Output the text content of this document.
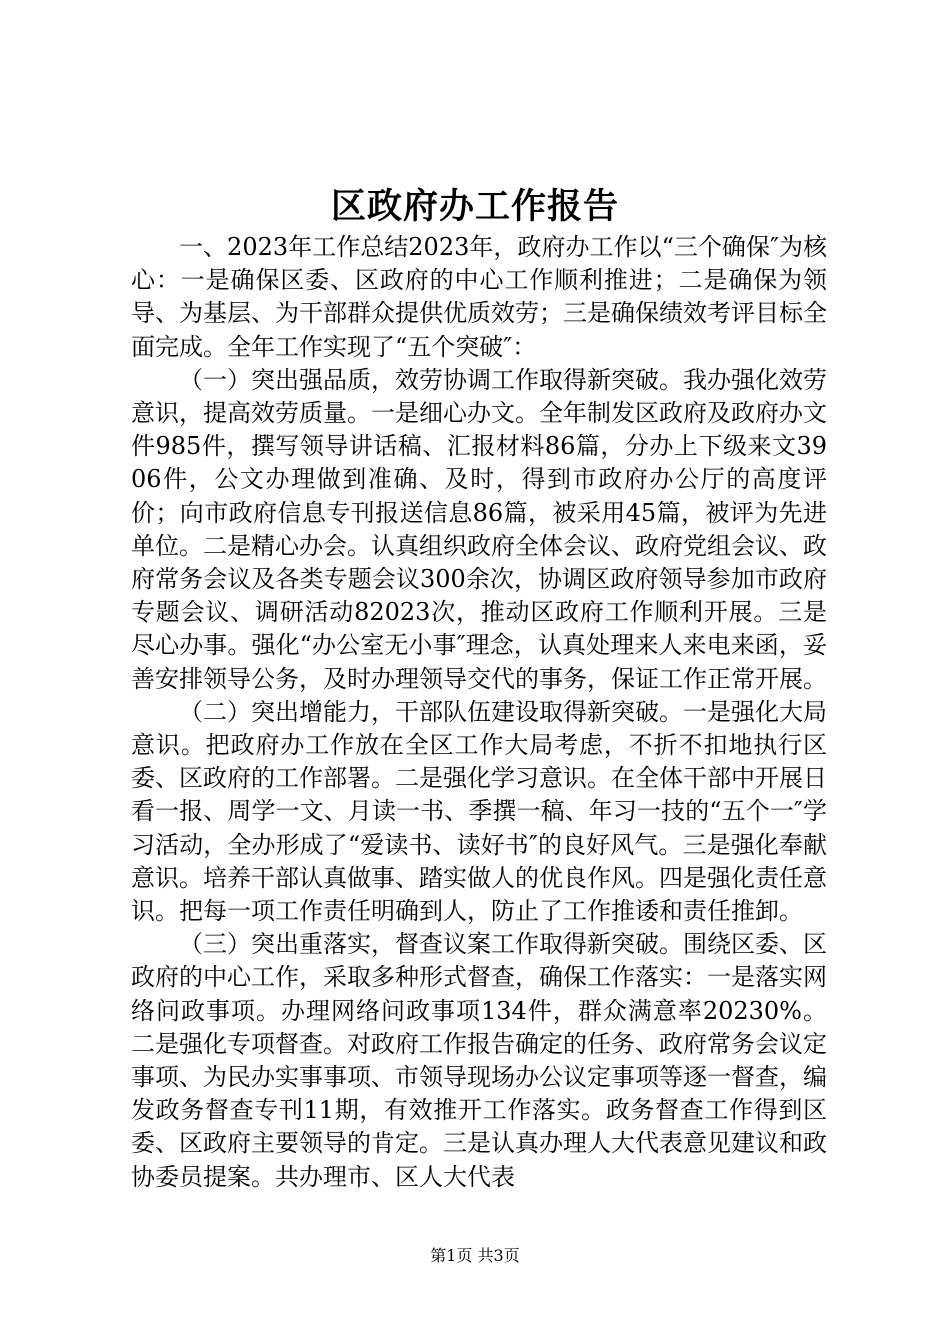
区政府办工作报告

一、2023年工作总结2023年，政府办工作以“三个确保″为核心：一是确保区委、区政府的中心工作顺利推进；二是确保为领导、为基层、为干部群众提供优质效劳；三是确保绩效考评目标全面完成。全年工作实现了“五个突破″：

（一）突出强品质，效劳协调工作取得新突破。我办强化效劳意识，提高效劳质量。一是细心办文。全年制发区政府及政府办文件985件，撰写领导讲话稿、汇报材料86篇，分办上下级来文3906件，公文办理做到准确、及时，得到市政府办公厅的高度评价；向市政府信息专刊报送信息86篇，被采用45篇，被评为先进单位。二是精心办会。认真组织政府全体会议、政府党组会议、政府常务会议及各类专题会议300余次，协调区政府领导参加市政府专题会议、调研活动82023次，推动区政府工作顺利开展。三是尽心办事。强化“办公室无小事″理念，认真处理来人来电来函，妥善安排领导公务，及时办理领导交代的事务，保证工作正常开展。

（二）突出增能力，干部队伍建设取得新突破。一是强化大局意识。把政府办工作放在全区工作大局考虑，不折不扣地执行区委、区政府的工作部署。二是强化学习意识。在全体干部中开展日看一报、周学一文、月读一书、季撰一稿、年习一技的“五个一″学习活动，全办形成了“爱读书、读好书″的良好风气。三是强化奉献意识。培养干部认真做事、踏实做人的优良作风。四是强化责任意识。把每一项工作责任明确到人，防止了工作推诿和责任推卸。

（三）突出重落实，督查议案工作取得新突破。围绕区委、区政府的中心工作，采取多种形式督查，确保工作落实：一是落实网络问政事项。办理网络问政事项134件，群众满意率20230%。二是强化专项督查。对政府工作报告确定的任务、政府常务会议定事项、为民办实事事项、市领导现场办公议定事项等逐一督查，编发政务督查专刊11期，有效推开工作落实。政务督查工作得到区委、区政府主要领导的肯定。三是认真办理人大代表意见建议和政协委员提案。共办理市、区人大代表

第1页 共3页
